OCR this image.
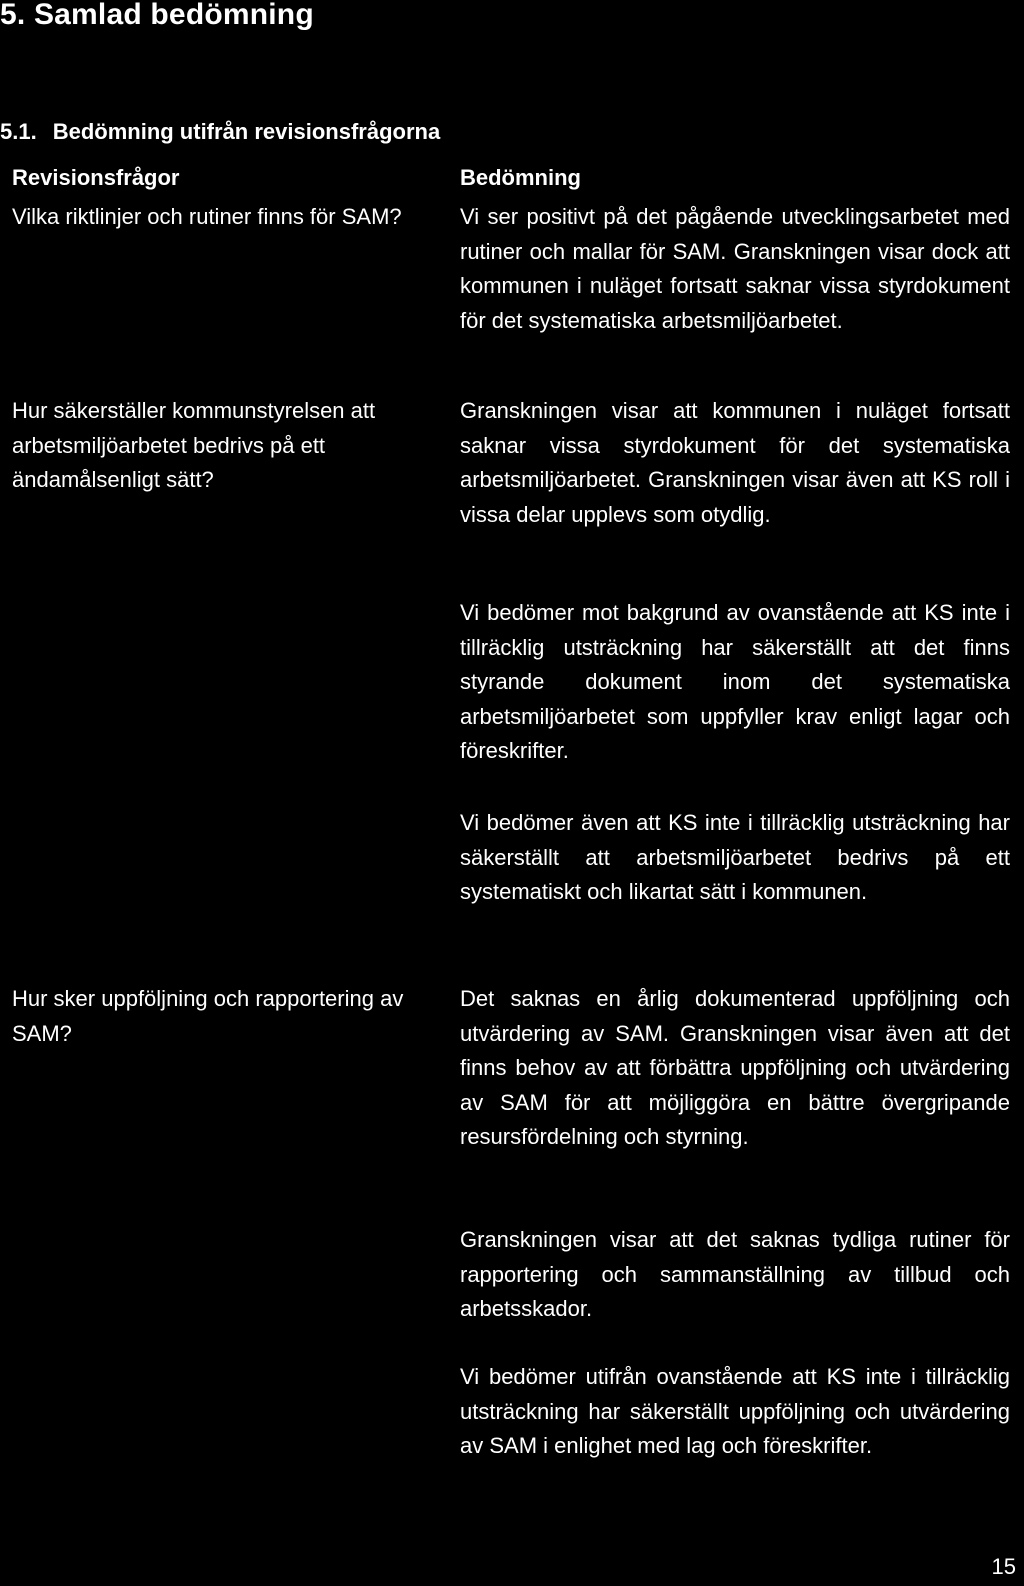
5. Samlad bedömning
5.1. Bedömning utifrån revisionsfrågorna
Revisionsfrågor	Bedömning

Vilka riktlinjer och rutiner finns för SAM?	Vi ser positivt på det pågående utvecklingsarbetet med rutiner och mallar för SAM. Granskningen visar dock att kommunen i nuläget fortsatt saknar vissa styrdokument för det systematiska arbetsmiljöarbetet.

Hur säkerställer kommunstyrelsen att arbetsmiljöarbetet bedrivs på ett ändamålsenligt sätt?

Granskningen visar att kommunen i nuläget fortsatt saknar vissa styrdokument för det systematiska arbetsmiljöarbetet. Granskningen visar även att KS roll i vissa delar upplevs som otydlig.

Vi bedömer mot bakgrund av ovanstående att KS inte i tillräcklig utsträckning har säkerställt att det finns styrande dokument inom det systematiska arbetsmiljöarbetet som uppfyller krav enligt lagar och föreskrifter.

Vi bedömer även att KS inte i tillräcklig utsträckning har säkerställt att arbetsmiljöarbetet bedrivs på ett systematiskt och likartat sätt i kommunen.

Hur sker uppföljning och rapportering av SAM?

Det saknas en årlig dokumenterad uppföljning och utvärdering av SAM. Granskningen visar även att det finns behov av att förbättra uppföljning och utvärdering av SAM för att möjliggöra en bättre övergripande resursfördelning och styrning.

Granskningen visar att det saknas tydliga rutiner för rapportering och sammanställning av tillbud och arbetsskador.

Vi bedömer utifrån ovanstående att KS inte i tillräcklig utsträckning har säkerställt uppföljning och utvärdering av SAM i enlighet med lag och föreskrifter.

15
